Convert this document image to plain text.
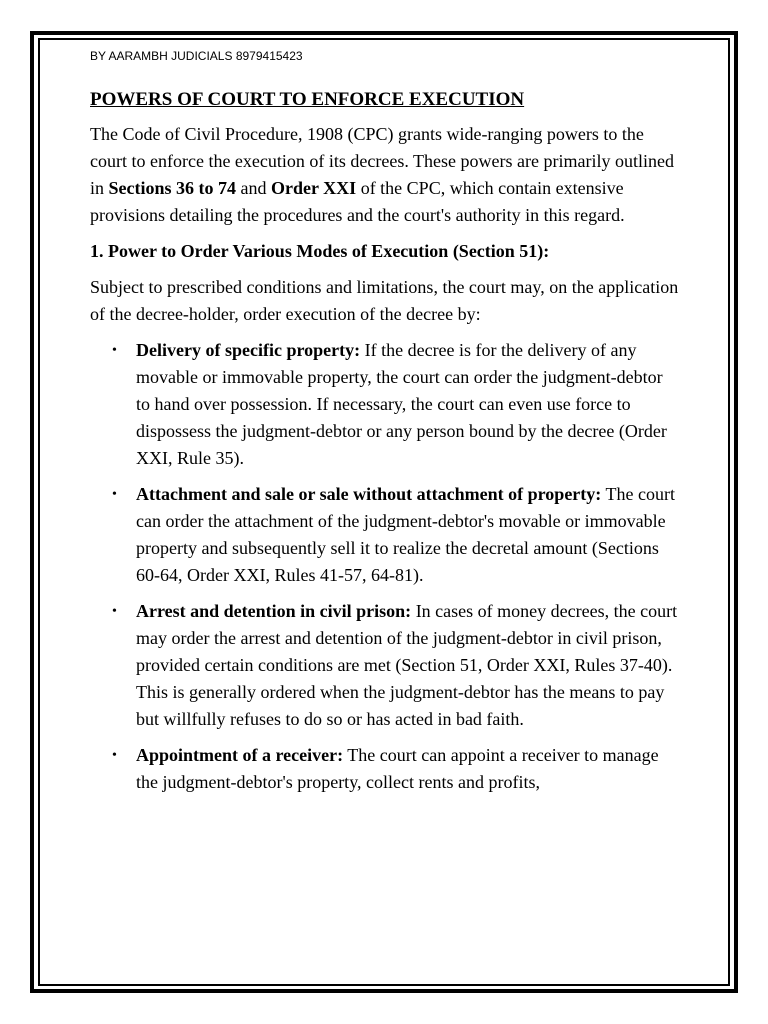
BY AARAMBH JUDICIALS 8979415423
POWERS OF COURT TO ENFORCE EXECUTION

The Code of Civil Procedure, 1908 (CPC) grants wide-ranging powers to the court to enforce the execution of its decrees. These powers are primarily outlined in Sections 36 to 74 and Order XXI of the CPC, which contain extensive provisions detailing the procedures and the court's authority in this regard.

1. Power to Order Various Modes of Execution (Section 51):

Subject to prescribed conditions and limitations, the court may, on the application of the decree-holder, order execution of the decree by:

• Delivery of specific property: If the decree is for the delivery of any movable or immovable property, the court can order the judgment-debtor to hand over possession. If necessary, the court can even use force to dispossess the judgment-debtor or any person bound by the decree (Order XXI, Rule 35).
• Attachment and sale or sale without attachment of property: The court can order the attachment of the judgment-debtor's movable or immovable property and subsequently sell it to realize the decretal amount (Sections 60-64, Order XXI, Rules 41-57, 64-81).
• Arrest and detention in civil prison: In cases of money decrees, the court may order the arrest and detention of the judgment-debtor in civil prison, provided certain conditions are met (Section 51, Order XXI, Rules 37-40). This is generally ordered when the judgment-debtor has the means to pay but willfully refuses to do so or has acted in bad faith.
• Appointment of a receiver: The court can appoint a receiver to manage the judgment-debtor's property, collect rents and profits,
